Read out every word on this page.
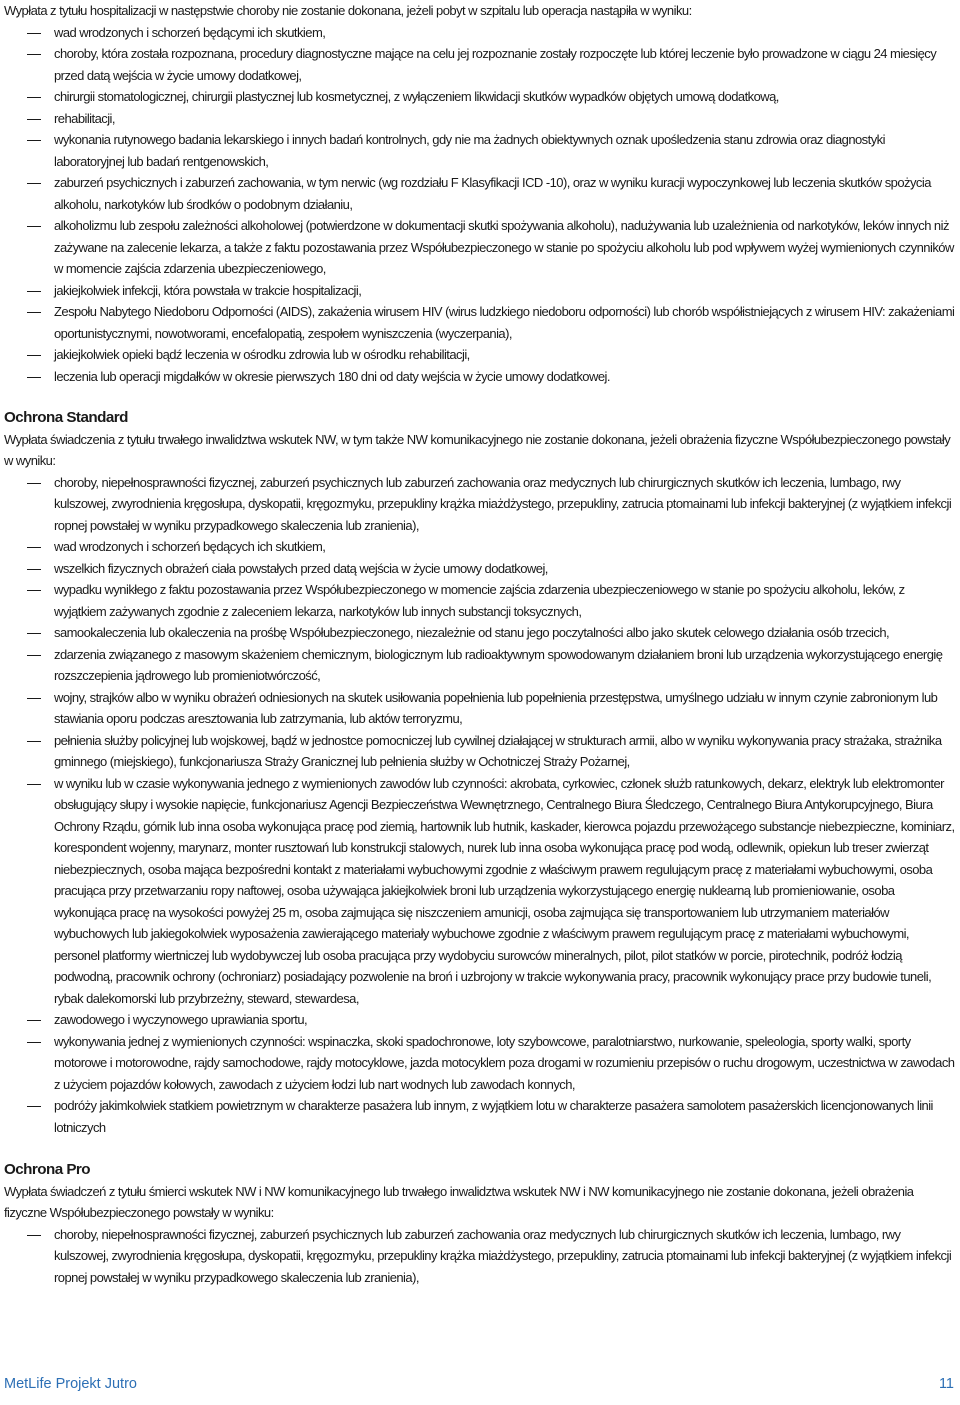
Wypłata z tytułu hospitalizacji w następstwie choroby nie zostanie dokonana, jeżeli pobyt w szpitalu lub operacja nastąpiła w wyniku:

wad wrodzonych i schorzeń będącymi ich skutkiem,
choroby, która została rozpoznana, procedury diagnostyczne mające na celu jej rozpoznanie zostały rozpoczęte lub której leczenie było prowadzone w ciągu 24 miesięcy przed datą wejścia w życie umowy dodatkowej,
chirurgii stomatologicznej, chirurgii plastycznej lub kosmetycznej, z wyłączeniem likwidacji skutków wypadków objętych umową dodatkową,
rehabilitacji,
wykonania rutynowego badania lekarskiego i innych badań kontrolnych, gdy nie ma żadnych obiektywnych oznak upośledzenia stanu zdrowia oraz diagnostyki laboratoryjnej lub badań rentgenowskich,
zaburzeń psychicznych i zaburzeń zachowania, w tym nerwic (wg rozdziału F Klasyfikacji ICD -10), oraz w wyniku kuracji wypoczynkowej lub leczenia skutków spożycia alkoholu, narkotyków lub środków o podobnym działaniu,
alkoholizmu lub zespołu zależności alkoholowej (potwierdzone w dokumentacji skutki spożywania alkoholu), nadużywania lub uzależnienia od narkotyków, leków innych niż zażywane na zalecenie lekarza, a także z faktu pozostawania przez Współubezpieczonego w stanie po spożyciu alkoholu lub pod wpływem wyżej wymienionych czynników w momencie zajścia zdarzenia ubezpieczeniowego,
jakiejkolwiek infekcji, która powstała w trakcie hospitalizacji,
Zespołu Nabytego Niedoboru Odporności (AIDS), zakażenia wirusem HIV (wirus ludzkiego niedoboru odporności) lub chorób współistniejących z wirusem HIV: zakażeniami oportunistycznymi, nowotworami, encefalopatią, zespołem wyniszczenia (wyczerpania),
jakiejkolwiek opieki bądź leczenia w ośrodku zdrowia lub w ośrodku rehabilitacji,
leczenia lub operacji migdałków w okresie pierwszych 180 dni od daty wejścia w życie umowy dodatkowej.
Ochrona Standard

Wypłata świadczenia z tytułu trwałego inwalidztwa wskutek NW, w tym także NW komunikacyjnego nie zostanie dokonana, jeżeli obrażenia fizyczne Współubezpieczonego powstały w wyniku:

choroby, niepełnosprawności fizycznej, zaburzeń psychicznych lub zaburzeń zachowania oraz medycznych lub chirurgicznych skutków ich leczenia, lumbago, rwy kulszowej, zwyrodnienia kręgosłupa, dyskopatii, kręgozmyku, przepukliny krążka miażdżystego, przepukliny, zatrucia ptomainami lub infekcji bakteryjnej (z wyjątkiem infekcji ropnej powstałej w wyniku przypadkowego skaleczenia lub zranienia),
wad wrodzonych i schorzeń będących ich skutkiem,
wszelkich fizycznych obrażeń ciała powstałych przed datą wejścia w życie umowy dodatkowej,
wypadku wynikłego z faktu pozostawania przez Współubezpieczonego w momencie zajścia zdarzenia ubezpieczeniowego w stanie po spożyciu alkoholu, leków, z wyjątkiem zażywanych zgodnie z zaleceniem lekarza, narkotyków lub innych substancji toksycznych,
samookaleczenia lub okaleczenia na prośbę Współubezpieczonego, niezależnie od stanu jego poczytalności albo jako skutek celowego działania osób trzecich,
zdarzenia związanego z masowym skażeniem chemicznym, biologicznym lub radioaktywnym spowodowanym działaniem broni lub urządzenia wykorzystującego energię rozszczepienia jądrowego lub promieniotwórczość,
wojny, strajków albo w wyniku obrażeń odniesionych na skutek usiłowania popełnienia lub popełnienia przestępstwa, umyślnego udziału w innym czynie zabronionym lub stawiania oporu podczas aresztowania lub zatrzymania, lub aktów terroryzmu,
pełnienia służby policyjnej lub wojskowej, bądź w jednostce pomocniczej lub cywilnej działającej w strukturach armii, albo w wyniku wykonywania pracy strażaka, strażnika gminnego (miejskiego), funkcjonariusza Straży Granicznej lub pełnienia służby w Ochotniczej Straży Pożarnej,
w wyniku lub w czasie wykonywania jednego z wymienionych zawodów lub czynności: akrobata, cyrkowiec, członek służb ratunkowych, dekarz, elektryk lub elektromonter obsługujący słupy i wysokie napięcie, funkcjonariusz Agencji Bezpieczeństwa Wewnętrznego, Centralnego Biura Śledczego, Centralnego Biura Antykorupcyjnego, Biura Ochrony Rządu, górnik lub inna osoba wykonująca pracę pod ziemią, hartownik lub hutnik, kaskader, kierowca pojazdu przewożącego substancje niebezpieczne, kominiarz, korespondent wojenny, marynarz, monter rusztowań lub konstrukcji stalowych, nurek lub inna osoba wykonująca pracę pod wodą, odlewnik, opiekun lub treser zwierząt niebezpiecznych, osoba mająca bezpośredni kontakt z materiałami wybuchowymi zgodnie z właściwym prawem regulującym pracę z materiałami wybuchowymi, osoba pracująca przy przetwarzaniu ropy naftowej, osoba używająca jakiejkolwiek broni lub urządzenia wykorzystującego energię nuklearną lub promieniowanie, osoba wykonująca pracę na wysokości powyżej 25 m, osoba zajmująca się niszczeniem amunicji, osoba zajmująca się transportowaniem lub utrzymaniem materiałów wybuchowych lub jakiegokolwiek wyposażenia zawierającego materiały wybuchowe zgodnie z właściwym prawem regulującym pracę z materiałami wybuchowymi, personel platformy wiertniczej lub wydobywczej lub osoba pracująca przy wydobyciu surowców mineralnych, pilot, pilot statków w porcie, pirotechnik, podróż łodzią podwodną, pracownik ochrony (ochroniarz) posiadający pozwolenie na broń i uzbrojony w trakcie wykonywania pracy, pracownik wykonujący prace przy budowie tuneli, rybak dalekomorski lub przybrzeżny, steward, stewardesa,
zawodowego i wyczynowego uprawiania sportu,
wykonywania jednej z wymienionych czynności: wspinaczka, skoki spadochronowe, loty szybowcowe, paralotniarstwo, nurkowanie, speleologia, sporty walki, sporty motorowe i motorowodne, rajdy samochodowe, rajdy motocyklowe, jazda motocyklem poza drogami w rozumieniu przepisów o ruchu drogowym, uczestnictwa w zawodach z użyciem pojazdów kołowych, zawodach z użyciem łodzi lub nart wodnych lub zawodach konnych,
podróży jakimkolwiek statkiem powietrznym w charakterze pasażera lub innym, z wyjątkiem lotu w charakterze pasażera samolotem pasażerskich licencjonowanych linii lotniczych
Ochrona Pro

Wypłata świadczeń z tytułu śmierci wskutek NW i NW komunikacyjnego lub trwałego inwalidztwa wskutek NW i NW komunikacyjnego nie zostanie dokonana, jeżeli obrażenia fizyczne Współubezpieczonego powstały w wyniku:

choroby, niepełnosprawności fizycznej, zaburzeń psychicznych lub zaburzeń zachowania oraz medycznych lub chirurgicznych skutków ich leczenia, lumbago, rwy kulszowej, zwyrodnienia kręgosłupa, dyskopatii, kręgozmyku, przepukliny krążka miażdżystego, przepukliny, zatrucia ptomainami lub infekcji bakteryjnej (z wyjątkiem infekcji ropnej powstałej w wyniku przypadkowego skaleczenia lub zranienia),
MetLife Projekt Jutro	11
